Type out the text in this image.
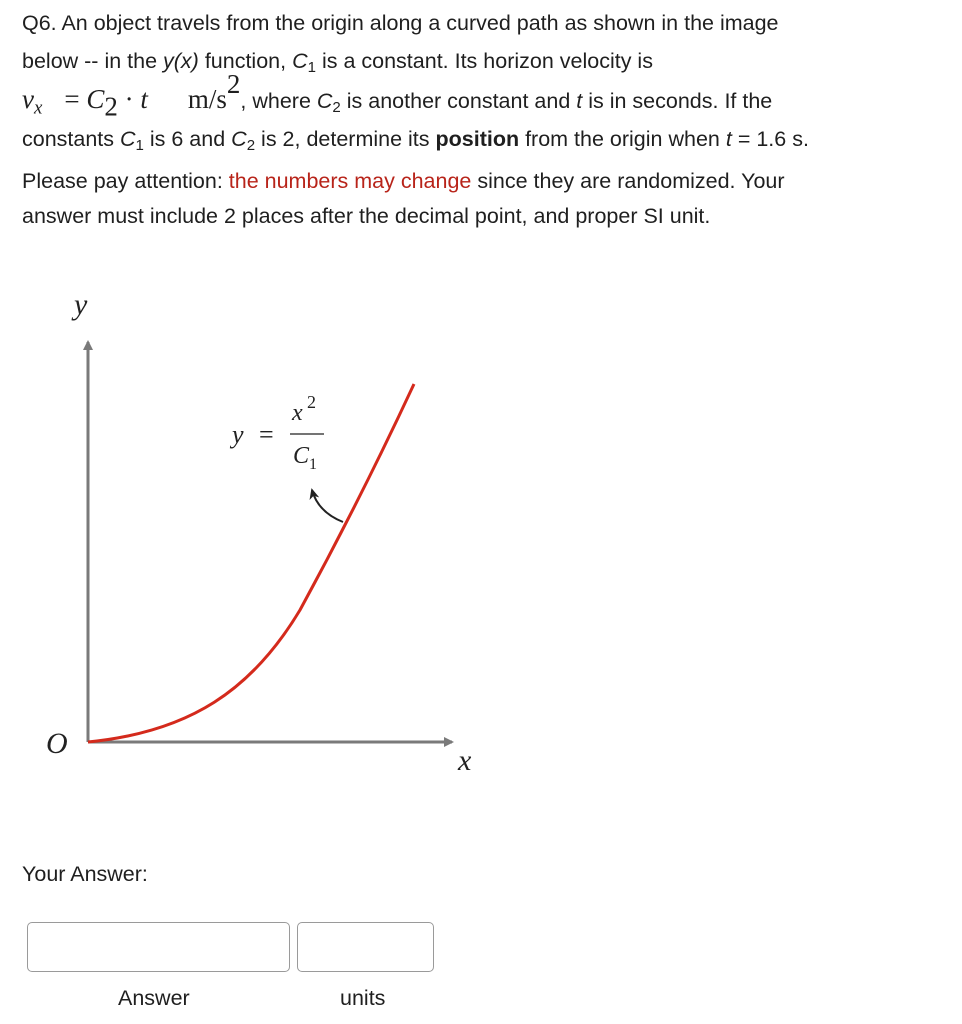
Q6. An object travels from the origin along a curved path as shown in the image

below -- in the y(x) function, $C_1$ is a constant. Its horizon velocity is

$v_x = C_2 \cdot t$ $m/s^2$, where $C_2$ is another constant and t is in seconds. If the

constants $C_1$ is 6 and $C_2$ is 2, determine its position from the origin when t = 1.6 s.

Please pay attention: the numbers may change since they are randomized. Your

answer must include 2 places after the decimal point, and proper SI unit.

y
x
O
y =
x 2
C 1
Your Answer:
Answer	units
